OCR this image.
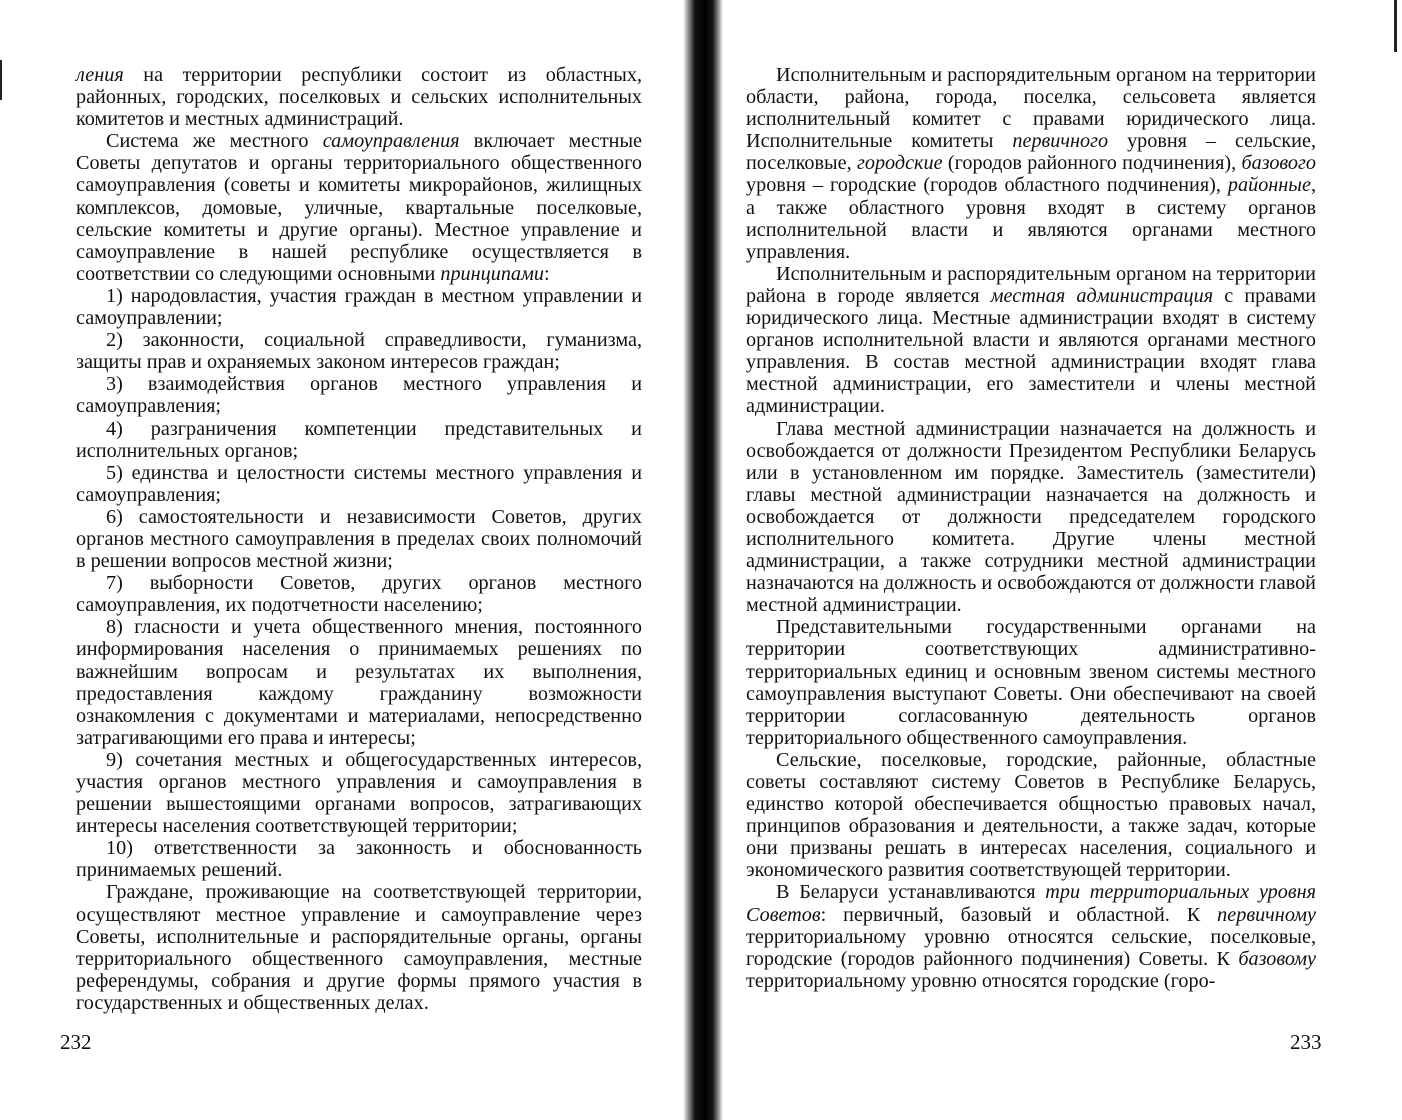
ления на территории республики состоит из областных, районных, городских, поселковых и сельских исполнительных комитетов и местных администраций.

Система же местного самоуправления включает местные Советы депутатов и органы территориального общественного самоуправления (советы и комитеты микрорайонов, жилищных комплексов, домовые, уличные, квартальные поселковые, сельские комитеты и другие органы). Местное управление и самоуправление в нашей республике осуществляется в соответствии со следующими основными принципами:

1) народовластия, участия граждан в местном управлении и самоуправлении;

2) законности, социальной справедливости, гуманизма, защиты прав и охраняемых законом интересов граждан;

3) взаимодействия органов местного управления и самоуправления;

4) разграничения компетенции представительных и исполнительных органов;

5) единства и целостности системы местного управления и самоуправления;

6) самостоятельности и независимости Советов, других органов местного самоуправления в пределах своих полномочий в решении вопросов местной жизни;

7) выборности Советов, других органов местного самоуправления, их подотчетности населению;

8) гласности и учета общественного мнения, постоянного информирования населения о принимаемых решениях по важнейшим вопросам и результатах их выполнения, предоставления каждому гражданину возможности ознакомления с документами и материалами, непосредственно затрагивающими его права и интересы;

9) сочетания местных и общегосударственных интересов, участия органов местного управления и самоуправления в решении вышестоящими органами вопросов, затрагивающих интересы населения соответствующей территории;

10) ответственности за законность и обоснованность принимаемых решений.

Граждане, проживающие на соответствующей территории, осуществляют местное управление и самоуправление через Советы, исполнительные и распорядительные органы, органы территориального общественного самоуправления, местные референдумы, собрания и другие формы прямого участия в государственных и общественных делах.

232

Исполнительным и распорядительным органом на территории области, района, города, поселка, сельсовета является исполнительный комитет с правами юридического лица. Исполнительные комитеты первичного уровня – сельские, поселковые, городские (городов районного подчинения), базового уровня – городские (городов областного подчинения), районные, а также областного уровня входят в систему органов исполнительной власти и являются органами местного управления.

Исполнительным и распорядительным органом на территории района в городе является местная администрация с правами юридического лица. Местные администрации входят в систему органов исполнительной власти и являются органами местного управления. В состав местной администрации входят глава местной администрации, его заместители и члены местной администрации.

Глава местной администрации назначается на должность и освобождается от должности Президентом Республики Беларусь или в установленном им порядке. Заместитель (заместители) главы местной администрации назначается на должность и освобождается от должности председателем городского исполнительного комитета. Другие члены местной администрации, а также сотрудники местной администрации назначаются на должность и освобождаются от должности главой местной администрации.

Представительными государственными органами на территории соответствующих административно-территориальных единиц и основным звеном системы местного самоуправления выступают Советы. Они обеспечивают на своей территории согласованную деятельность органов территориального общественного самоуправления.

Сельские, поселковые, городские, районные, областные советы составляют систему Советов в Республике Беларусь, единство которой обеспечивается общностью правовых начал, принципов образования и деятельности, а также задач, которые они призваны решать в интересах населения, социального и экономического развития соответствующей территории.

В Беларуси устанавливаются три территориальных уровня Советов: первичный, базовый и областной. К первичному территориальному уровню относятся сельские, поселковые, городские (городов районного подчинения) Советы. К базовому территориальному уровню относятся городские (горо-

233
